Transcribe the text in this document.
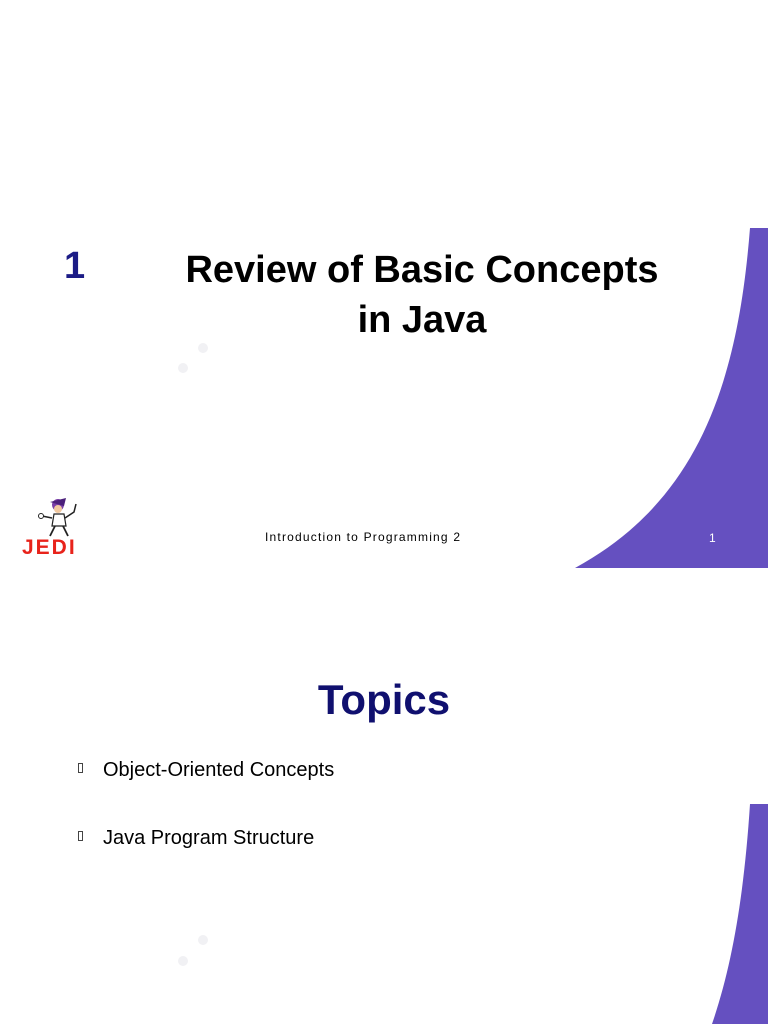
1	Review of Basic Concepts
in Java
JEDI	Introduction to Programming 2	1
Topics
Object-Oriented Concepts
Java Program Structure
